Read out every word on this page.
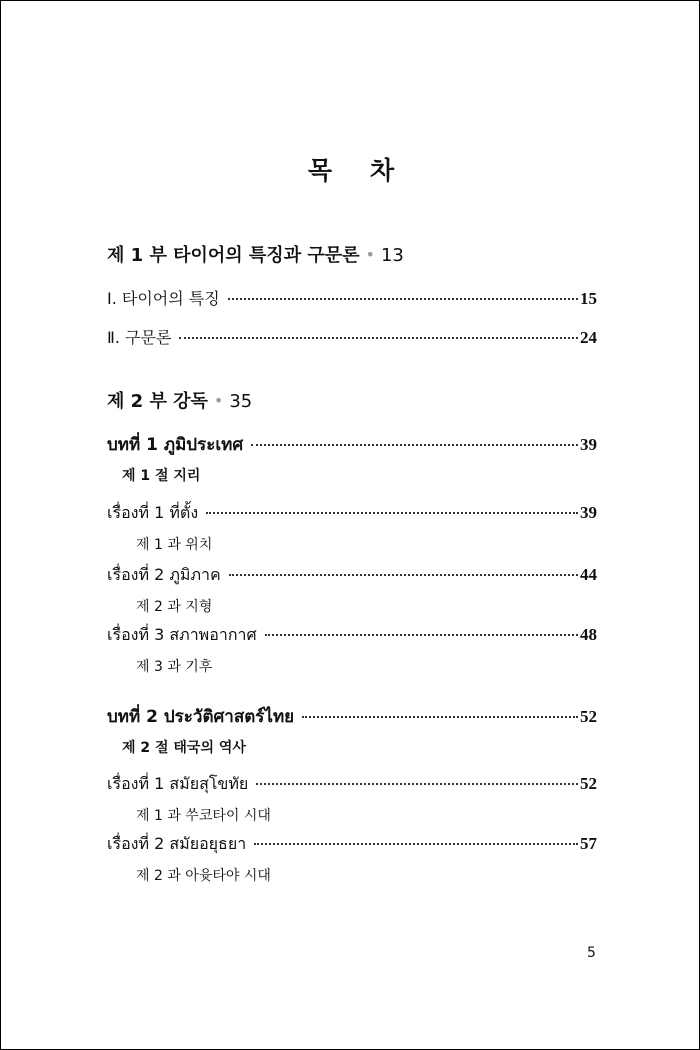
목 차
제 1 부 타이어의 특징과 구문론 • 13
Ⅰ. 타이어의 특징	15
Ⅱ. 구문론	24
제 2 부 강독 • 35
บทที่ 1 ภูมิประเทศ	39
제 1 절 지리
เรื่องที่ 1 ที่ตั้ง	39
제 1 과 위치
เรื่องที่ 2 ภูมิภาค	44
제 2 과 지형
เรื่องที่ 3 สภาพอากาศ	48
제 3 과 기후
บทที่ 2 ประวัติศาสตร์ไทย	52
제 2 절 태국의 역사
เรื่องที่ 1 สมัยสุโขทัย	52
제 1 과 쑤코타이 시대
เรื่องที่ 2 สมัยอยุธยา	57
제 2 과 아윳타야 시대
5
